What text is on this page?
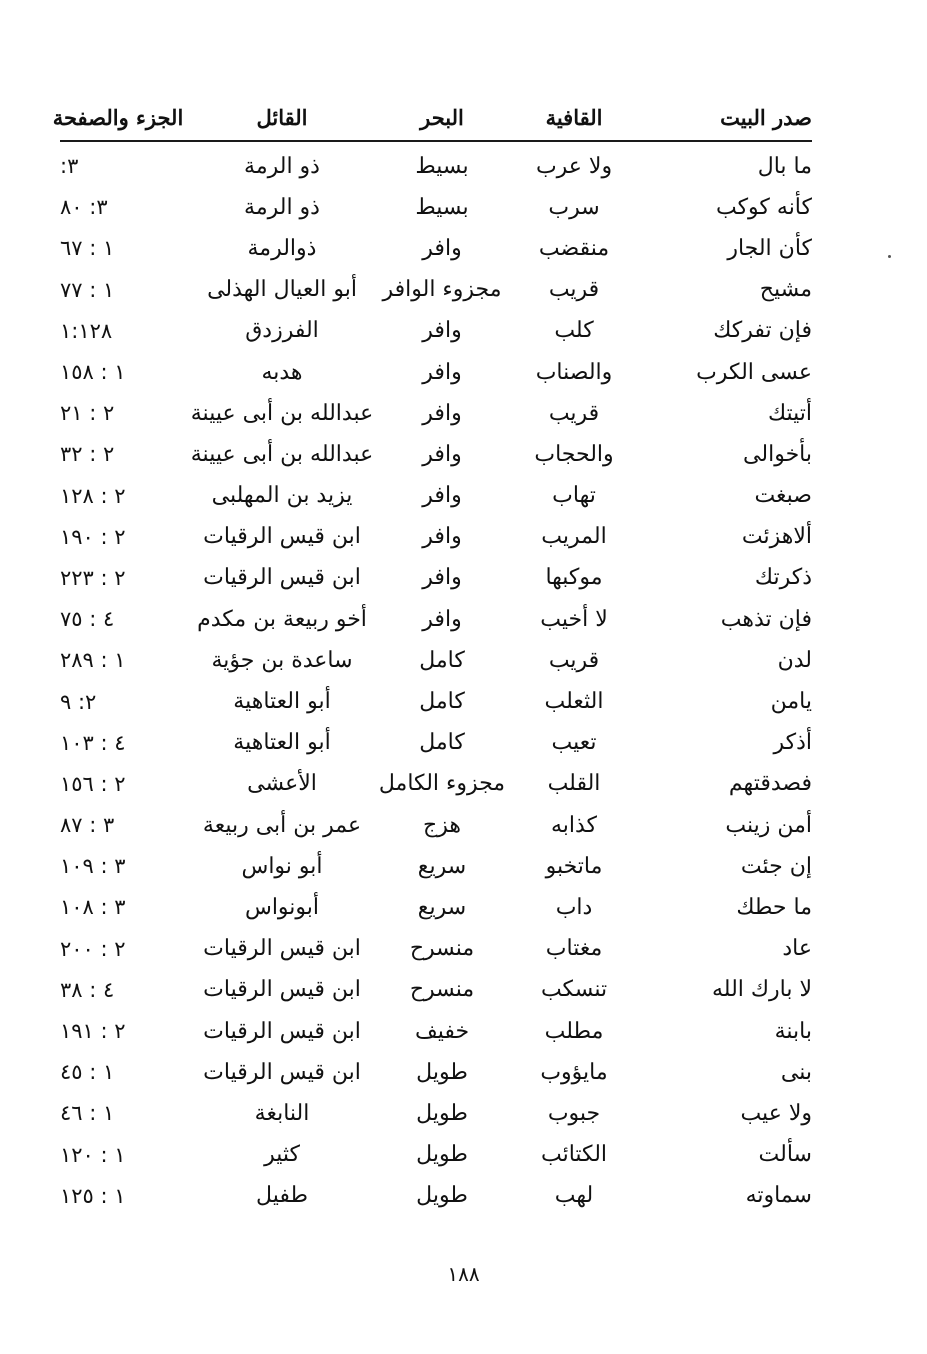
صدر البيت
القافية
البحر
القائل
الجزء والصفحة
ما بال
ولا عرب
بسيط
ذو الرمة
٣:
كأنه كوكب
سرب
بسيط
ذو الرمة
٣: ٨٠
كأن الجار
منقضب
وافر
ذوالرمة
١ : ٦٧
مشيح
قريب
مجزوء الوافر
أبو العيال الهذلى
١ : ٧٧
فإن تفركك
كلب
وافر
الفرزدق
١:١٢٨
عسى الكرب
والصناب
وافر
هدبه
١ : ١٥٨
أتيتك
قريب
وافر
عبدالله بن أبى عيينة
٢ : ٢١
بأخوالى
والحجاب
وافر
عبدالله بن أبى عيينة
٢ : ٣٢
صبغت
تهاب
وافر
يزيد بن المهلبى
٢ : ١٢٨
ألاهزئت
المريب
وافر
ابن قيس الرقيات
٢ : ١٩٠
ذكرتك
موكبها
وافر
ابن قيس الرقيات
٢ : ٢٢٣
فإن تذهب
لا أخيب
وافر
أخو ربيعة بن مكدم
٤ : ٧٥
لدن
قريب
كامل
ساعدة بن جؤية
١ : ٢٨٩
يامن
الثعلب
كامل
أبو العتاهية
٢: ٩
أذكر
تعيب
كامل
أبو العتاهية
٤ : ١٠٣
فصدقتهم
القلب
مجزوء الكامل
الأعشى
٢ : ١٥٦
أمن زينب
كذابه
هزج
عمر بن أبى ربيعة
٣ : ٨٧
إن جئت
ماتخبو
سريع
أبو نواس
٣ : ١٠٩
ما حطك
داب
سريع
أبونواس
٣ : ١٠٨
عاد
مغتاب
منسرح
ابن قيس الرقيات
٢ : ٢٠٠
لا بارك الله
تنسكب
منسرح
ابن قيس الرقيات
٤ : ٣٨
بابنة
مطلب
خفيف
ابن قيس الرقيات
٢ : ١٩١
بنى
مايؤوب
طويل
ابن قيس الرقيات
١ : ٤٥
ولا عيب
جبوب
طويل
النابغة
١ : ٤٦
سألت
الكتائب
طويل
كثير
١ : ١٢٠
سماوته
لهب
طويل
طفيل
١ : ١٢٥
١٨٨
